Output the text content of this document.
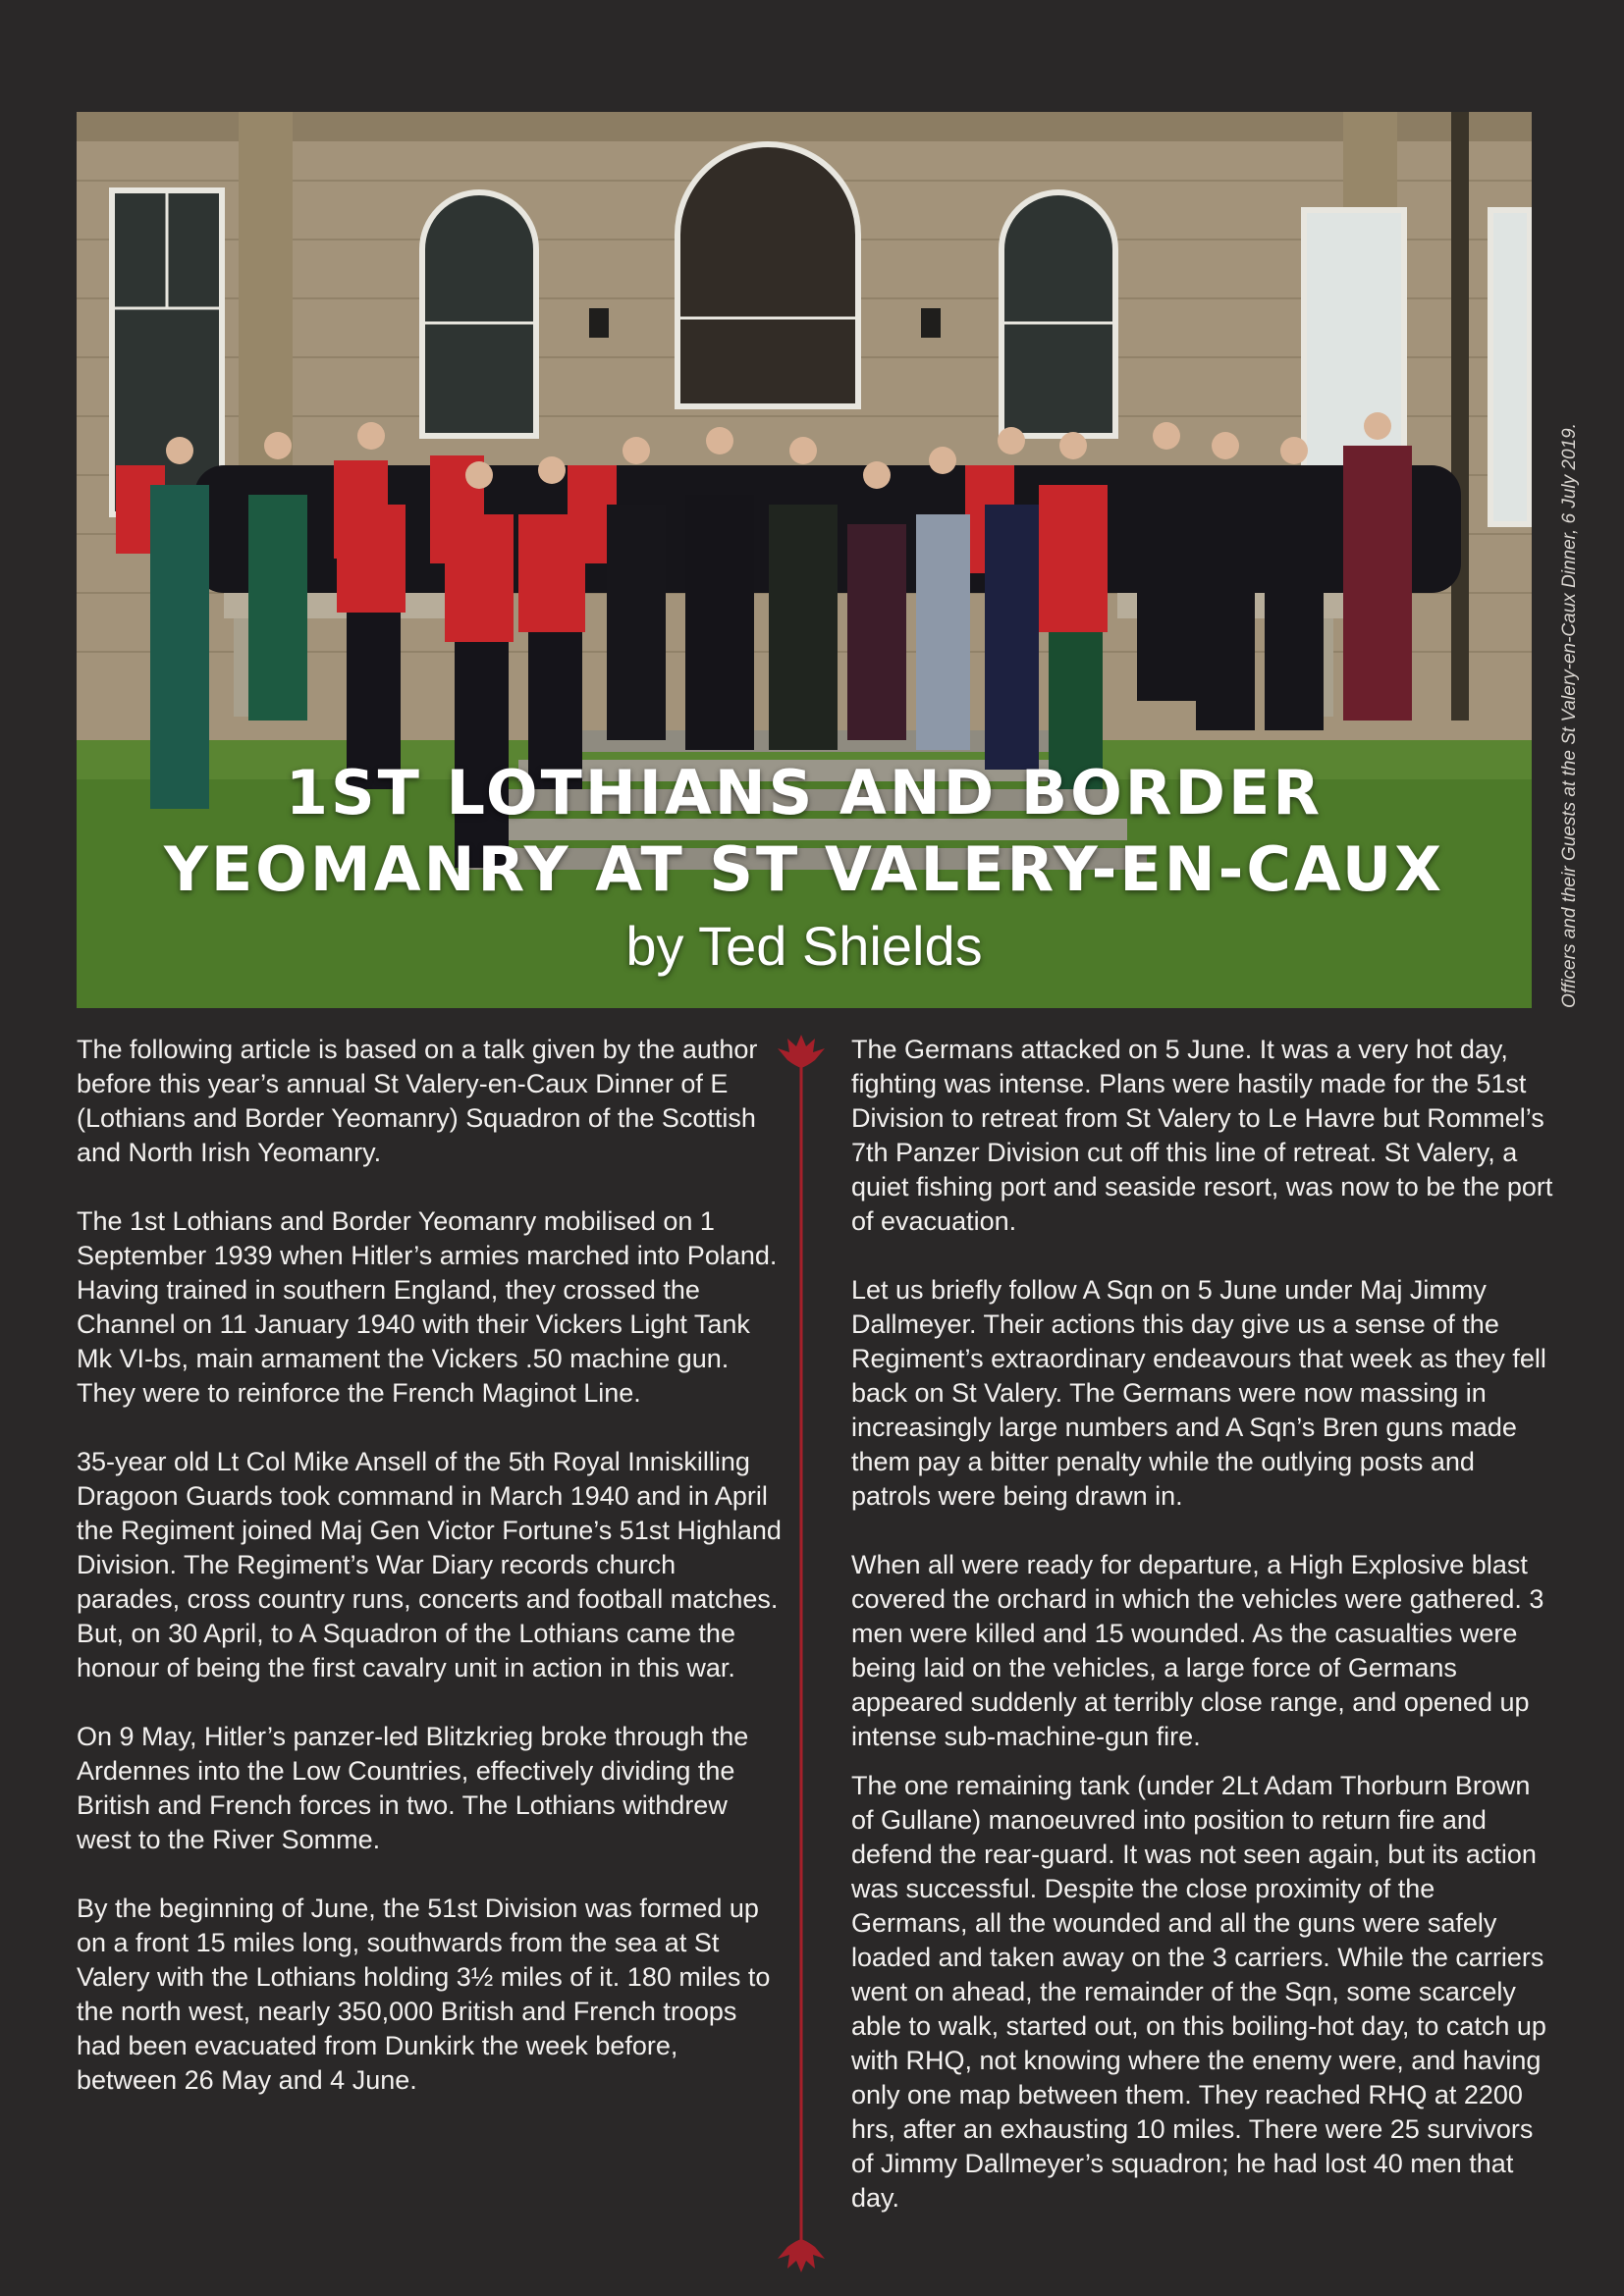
1ST LOTHIANS AND BORDER
YEOMANRY AT ST VALERY-EN-CAUX
by Ted Shields	Officers and their Guests at the St Valery-en-Caux Dinner, 6 July 2019.

The following article is based on a talk given by the author before this year’s annual St Valery-en-Caux Dinner of E (Lothians and Border Yeomanry) Squadron of the Scottish and North Irish Yeomanry.

The 1st Lothians and Border Yeomanry mobilised on 1 September 1939 when Hitler’s armies marched into Poland. Having trained in southern England, they crossed the Channel on 11 January 1940 with their Vickers Light Tank Mk VI-bs, main armament the Vickers .50 machine gun. They were to reinforce the French Maginot Line.

35-year old Lt Col Mike Ansell of the 5th Royal Inniskilling Dragoon Guards took command in March 1940 and in April the Regiment joined Maj Gen Victor Fortune’s 51st Highland Division. The Regiment’s War Diary records church parades, cross country runs, concerts and football matches. But, on 30 April, to A Squadron of the Lothians came the honour of being the first cavalry unit in action in this war.

On 9 May, Hitler’s panzer-led Blitzkrieg broke through the Ardennes into the Low Countries, effectively dividing the British and French forces in two. The Lothians withdrew west to the River Somme.

By the beginning of June, the 51st Division was formed up on a front 15 miles long, southwards from the sea at St Valery with the Lothians holding 3½ miles of it. 180 miles to the north west, nearly 350,000 British and French troops had been evacuated from Dunkirk the week before, between 26 May and 4 June.

The Germans attacked on 5 June. It was a very hot day, fighting was intense. Plans were hastily made for the 51st Division to retreat from St Valery to Le Havre but Rommel’s 7th Panzer Division cut off this line of retreat. St Valery, a quiet fishing port and seaside resort, was now to be the port of evacuation.

Let us briefly follow A Sqn on 5 June under Maj Jimmy Dallmeyer. Their actions this day give us a sense of the Regiment’s extraordinary endeavours that week as they fell back on St Valery. The Germans were now massing in increasingly large numbers and A Sqn’s Bren guns made them pay a bitter penalty while the outlying posts and patrols were being drawn in.

When all were ready for departure, a High Explosive blast covered the orchard in which the vehicles were gathered. 3 men were killed and 15 wounded. As the casualties were being laid on the vehicles, a large force of Germans appeared suddenly at terribly close range, and opened up intense sub-machine-gun fire.

The one remaining tank (under 2Lt Adam Thorburn Brown of Gullane) manoeuvred into position to return fire and defend the rear-guard. It was not seen again, but its action was successful. Despite the close proximity of the Germans, all the wounded and all the guns were safely loaded and taken away on the 3 carriers. While the carriers went on ahead, the remainder of the Sqn, some scarcely able to walk, started out, on this boiling-hot day, to catch up with RHQ, not knowing where the enemy were, and having only one map between them. They reached RHQ at 2200 hrs, after an exhausting 10 miles. There were 25 survivors of Jimmy Dallmeyer’s squadron; he had lost 40 men that day.
